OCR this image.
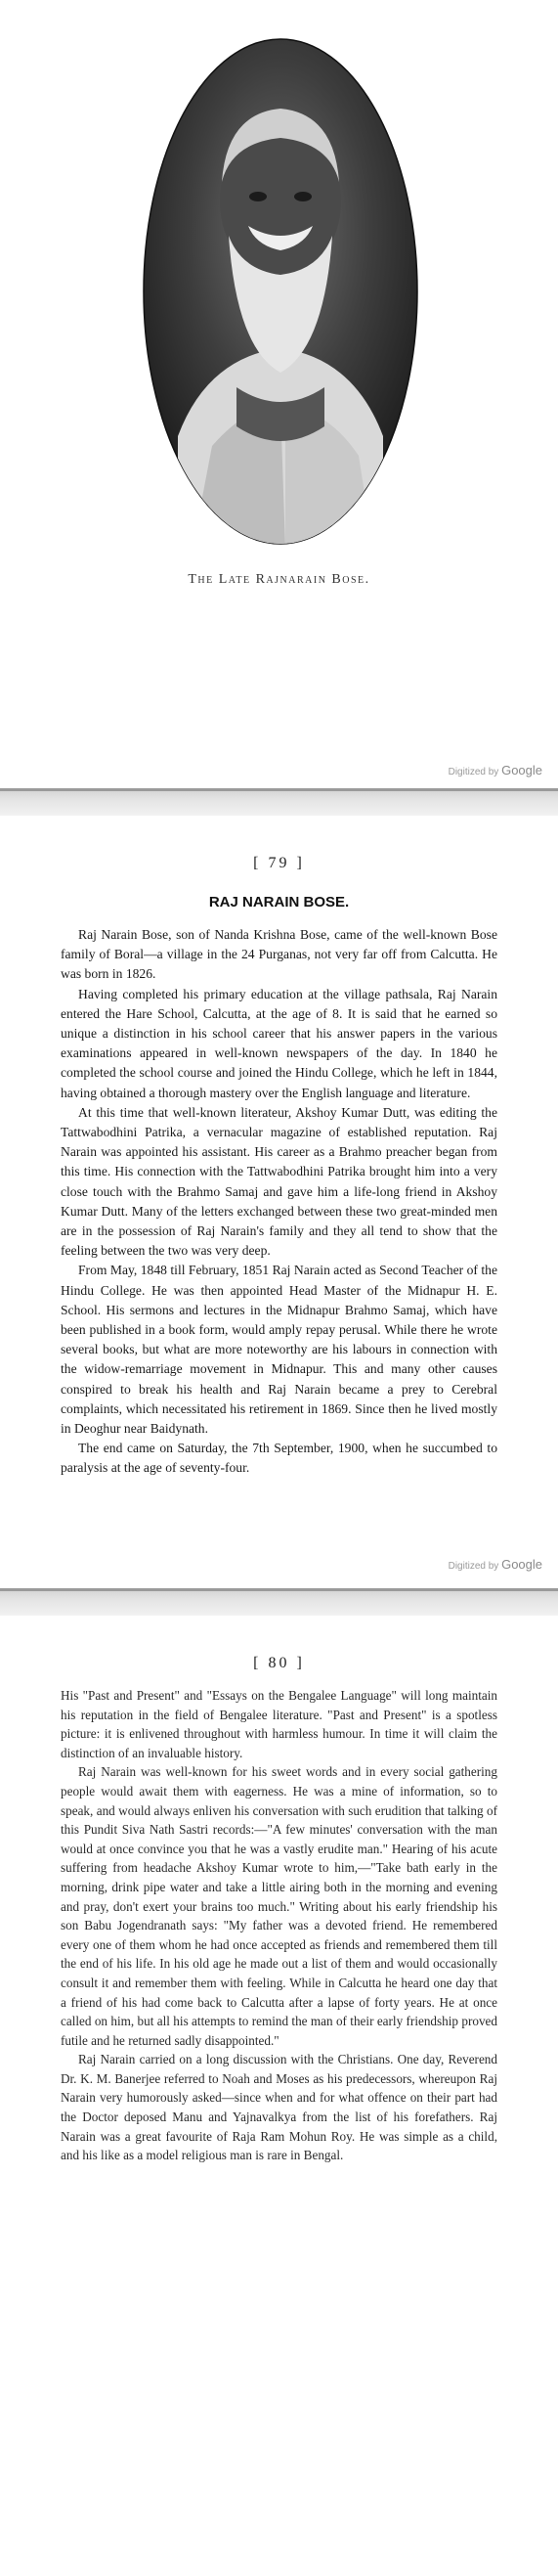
The Late Rajnarain Bose.
Digitized by Google
[ 79 ]
RAJ NARAIN BOSE.

Raj Narain Bose, son of Nanda Krishna Bose, came of the well-known Bose family of Boral—a village in the 24 Purganas, not very far off from Calcutta. He was born in 1826.

Having completed his primary education at the village pathsala, Raj Narain entered the Hare School, Calcutta, at the age of 8. It is said that he earned so unique a distinction in his school career that his answer papers in the various examinations appeared in well-known newspapers of the day. In 1840 he completed the school course and joined the Hindu College, which he left in 1844, having obtained a thorough mastery over the English language and literature.

At this time that well-known literateur, Akshoy Kumar Dutt, was editing the Tattwabodhini Patrika, a vernacular magazine of established reputation. Raj Narain was appointed his assistant. His career as a Brahmo preacher began from this time. His connection with the Tattwabodhini Patrika brought him into a very close touch with the Brahmo Samaj and gave him a life-long friend in Akshoy Kumar Dutt. Many of the letters exchanged between these two great-minded men are in the possession of Raj Narain's family and they all tend to show that the feeling between the two was very deep.

From May, 1848 till February, 1851 Raj Narain acted as Second Teacher of the Hindu College. He was then appointed Head Master of the Midnapur H. E. School. His sermons and lectures in the Midnapur Brahmo Samaj, which have been published in a book form, would amply repay perusal. While there he wrote several books, but what are more noteworthy are his labours in connection with the widow-remarriage movement in Midnapur. This and many other causes conspired to break his health and Raj Narain became a prey to Cerebral complaints, which necessitated his retirement in 1869. Since then he lived mostly in Deoghur near Baidynath.

The end came on Saturday, the 7th September, 1900, when he succumbed to paralysis at the age of seventy-four.

Digitized by Google
[ 80 ]

His "Past and Present" and "Essays on the Bengalee Language" will long maintain his reputation in the field of Bengalee literature. "Past and Present" is a spotless picture: it is enlivened throughout with harmless humour. In time it will claim the distinction of an invaluable history.

Raj Narain was well-known for his sweet words and in every social gathering people would await them with eagerness. He was a mine of information, so to speak, and would always enliven his conversation with such erudition that talking of this Pundit Siva Nath Sastri records:—"A few minutes' conversation with the man would at once convince you that he was a vastly erudite man." Hearing of his acute suffering from headache Akshoy Kumar wrote to him,—"Take bath early in the morning, drink pipe water and take a little airing both in the morning and evening and pray, don't exert your brains too much." Writing about his early friendship his son Babu Jogendranath says: "My father was a devoted friend. He remembered every one of them whom he had once accepted as friends and remembered them till the end of his life. In his old age he made out a list of them and would occasionally consult it and remember them with feeling. While in Calcutta he heard one day that a friend of his had come back to Calcutta after a lapse of forty years. He at once called on him, but all his attempts to remind the man of their early friendship proved futile and he returned sadly disappointed."

Raj Narain carried on a long discussion with the Christians. One day, Reverend Dr. K. M. Banerjee referred to Noah and Moses as his predecessors, whereupon Raj Narain very humorously asked—since when and for what offence on their part had the Doctor deposed Manu and Yajnavalkya from the list of his forefathers. Raj Narain was a great favourite of Raja Ram Mohun Roy. He was simple as a child, and his like as a model religious man is rare in Bengal.
